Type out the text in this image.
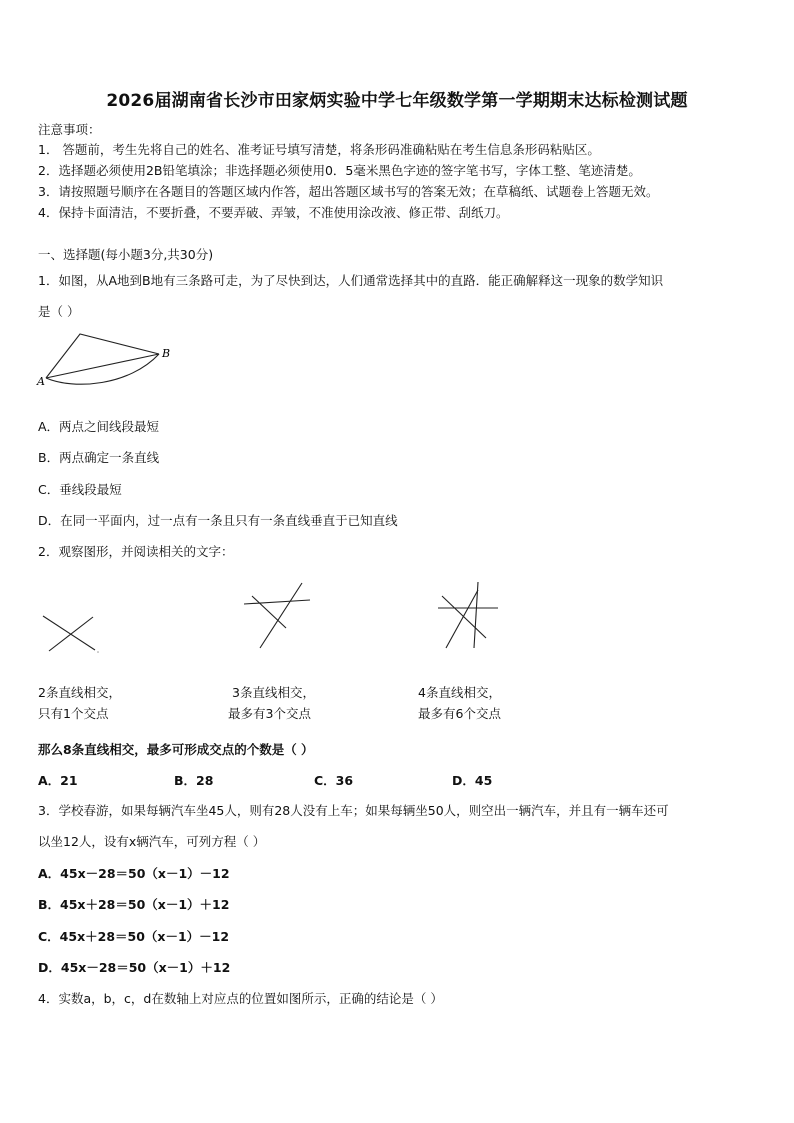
2026届湖南省长沙市田家炳实验中学七年级数学第一学期期末达标检测试题
注意事项：
1． 答题前，考生先将自己的姓名、准考证号填写清楚，将条形码准确粘贴在考生信息条形码粘贴区。
2．选择题必须使用2B铅笔填涂；非选择题必须使用0．5毫米黑色字迹的签字笔书写，字体工整、笔迹清楚。
3．请按照题号顺序在各题目的答题区域内作答，超出答题区域书写的答案无效；在草稿纸、试题卷上答题无效。
4．保持卡面清洁，不要折叠，不要弄破、弄皱，不准使用涂改液、修正带、刮纸刀。
一、选择题(每小题3分,共30分)
1．如图，从A地到B地有三条路可走，为了尽快到达，人们通常选择其中的直路．能正确解释这一现象的数学知识
是（ ）
A
B
A．两点之间线段最短
B．两点确定一条直线
C．垂线段最短
D．在同一平面内，过一点有一条且只有一条直线垂直于已知直线
2．观察图形，并阅读相关的文字：
2条直线相交，
只有1个交点
3条直线相交，
最多有3个交点
4条直线相交，
最多有6个交点
那么8条直线相交，最多可形成交点的个数是（ ）
A．21	B．28	C．36	D．45
3．学校春游，如果每辆汽车坐45人，则有28人没有上车；如果每辆坐50人，则空出一辆汽车，并且有一辆车还可
以坐12人，设有x辆汽车，可列方程（ ）
A．45x－28＝50（x－1）－12
B．45x＋28＝50（x－1）＋12
C．45x＋28＝50（x－1）－12
D．45x－28＝50（x－1）＋12
4．实数a，b，c，d在数轴上对应点的位置如图所示，正确的结论是（ ）
